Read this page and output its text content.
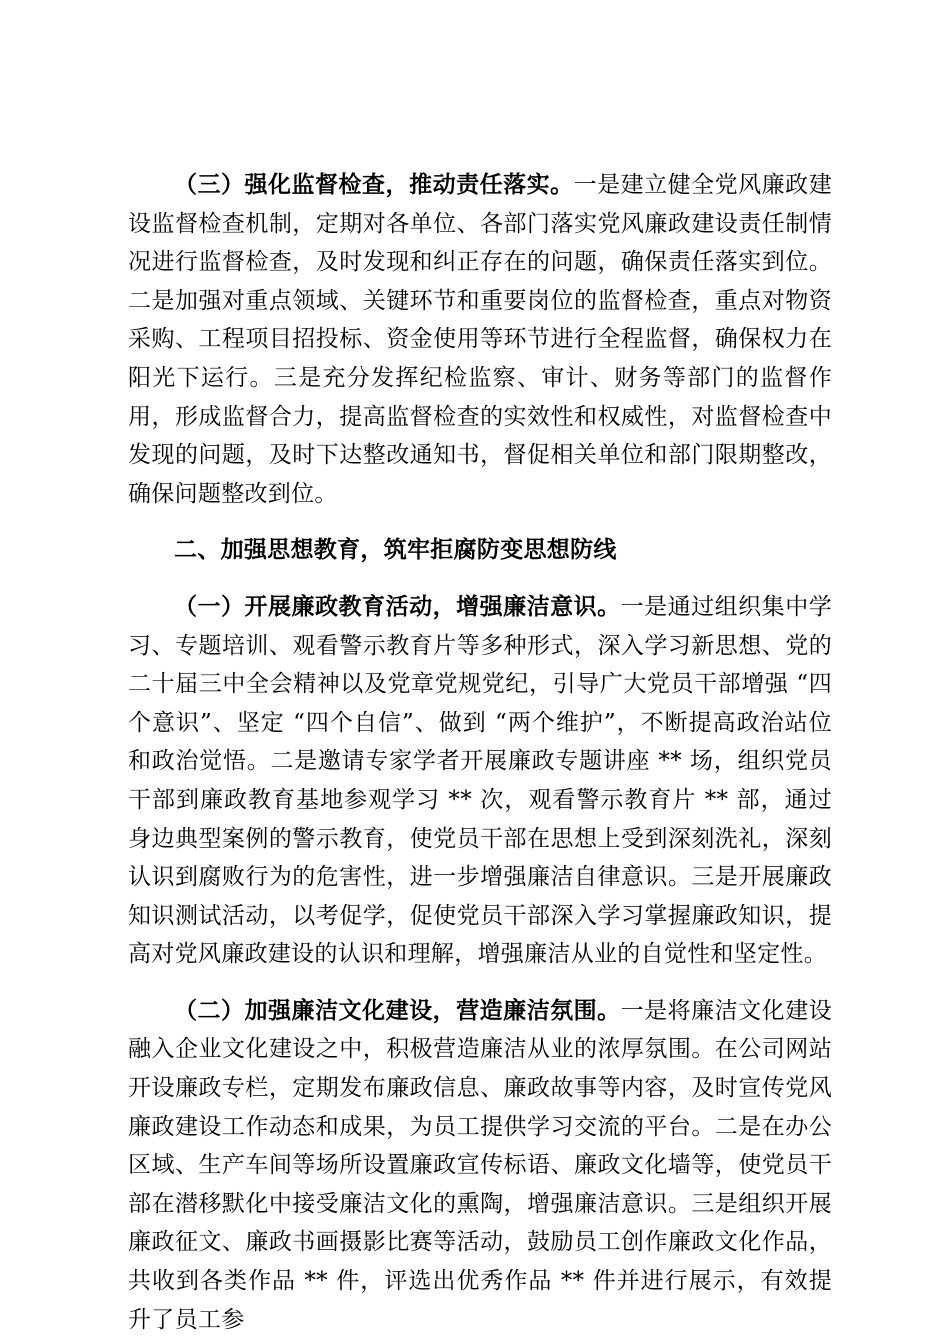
（三）强化监督检查，推动责任落实。一是建立健全党风廉政建设监督检查机制，定期对各单位、各部门落实党风廉政建设责任制情况进行监督检查，及时发现和纠正存在的问题，确保责任落实到位。二是加强对重点领域、关键环节和重要岗位的监督检查，重点对物资采购、工程项目招投标、资金使用等环节进行全程监督，确保权力在阳光下运行。三是充分发挥纪检监察、审计、财务等部门的监督作用，形成监督合力，提高监督检查的实效性和权威性，对监督检查中发现的问题，及时下达整改通知书，督促相关单位和部门限期整改，确保问题整改到位。

二、加强思想教育，筑牢拒腐防变思想防线

（一）开展廉政教育活动，增强廉洁意识。一是通过组织集中学习、专题培训、观看警示教育片等多种形式，深入学习新思想、党的二十届三中全会精神以及党章党规党纪，引导广大党员干部增强 “四个意识”、坚定 “四个自信”、做到 “两个维护”，不断提高政治站位和政治觉悟。二是邀请专家学者开展廉政专题讲座 ** 场，组织党员干部到廉政教育基地参观学习 ** 次，观看警示教育片 ** 部，通过身边典型案例的警示教育，使党员干部在思想上受到深刻洗礼，深刻认识到腐败行为的危害性，进一步增强廉洁自律意识。三是开展廉政知识测试活动，以考促学，促使党员干部深入学习掌握廉政知识，提高对党风廉政建设的认识和理解，增强廉洁从业的自觉性和坚定性。

（二）加强廉洁文化建设，营造廉洁氛围。一是将廉洁文化建设融入企业文化建设之中，积极营造廉洁从业的浓厚氛围。在公司网站开设廉政专栏，定期发布廉政信息、廉政故事等内容，及时宣传党风廉政建设工作动态和成果，为员工提供学习交流的平台。二是在办公区域、生产车间等场所设置廉政宣传标语、廉政文化墙等，使党员干部在潜移默化中接受廉洁文化的熏陶，增强廉洁意识。三是组织开展廉政征文、廉政书画摄影比赛等活动，鼓励员工创作廉政文化作品，共收到各类作品 ** 件，评选出优秀作品 ** 件并进行展示，有效提升了员工参
